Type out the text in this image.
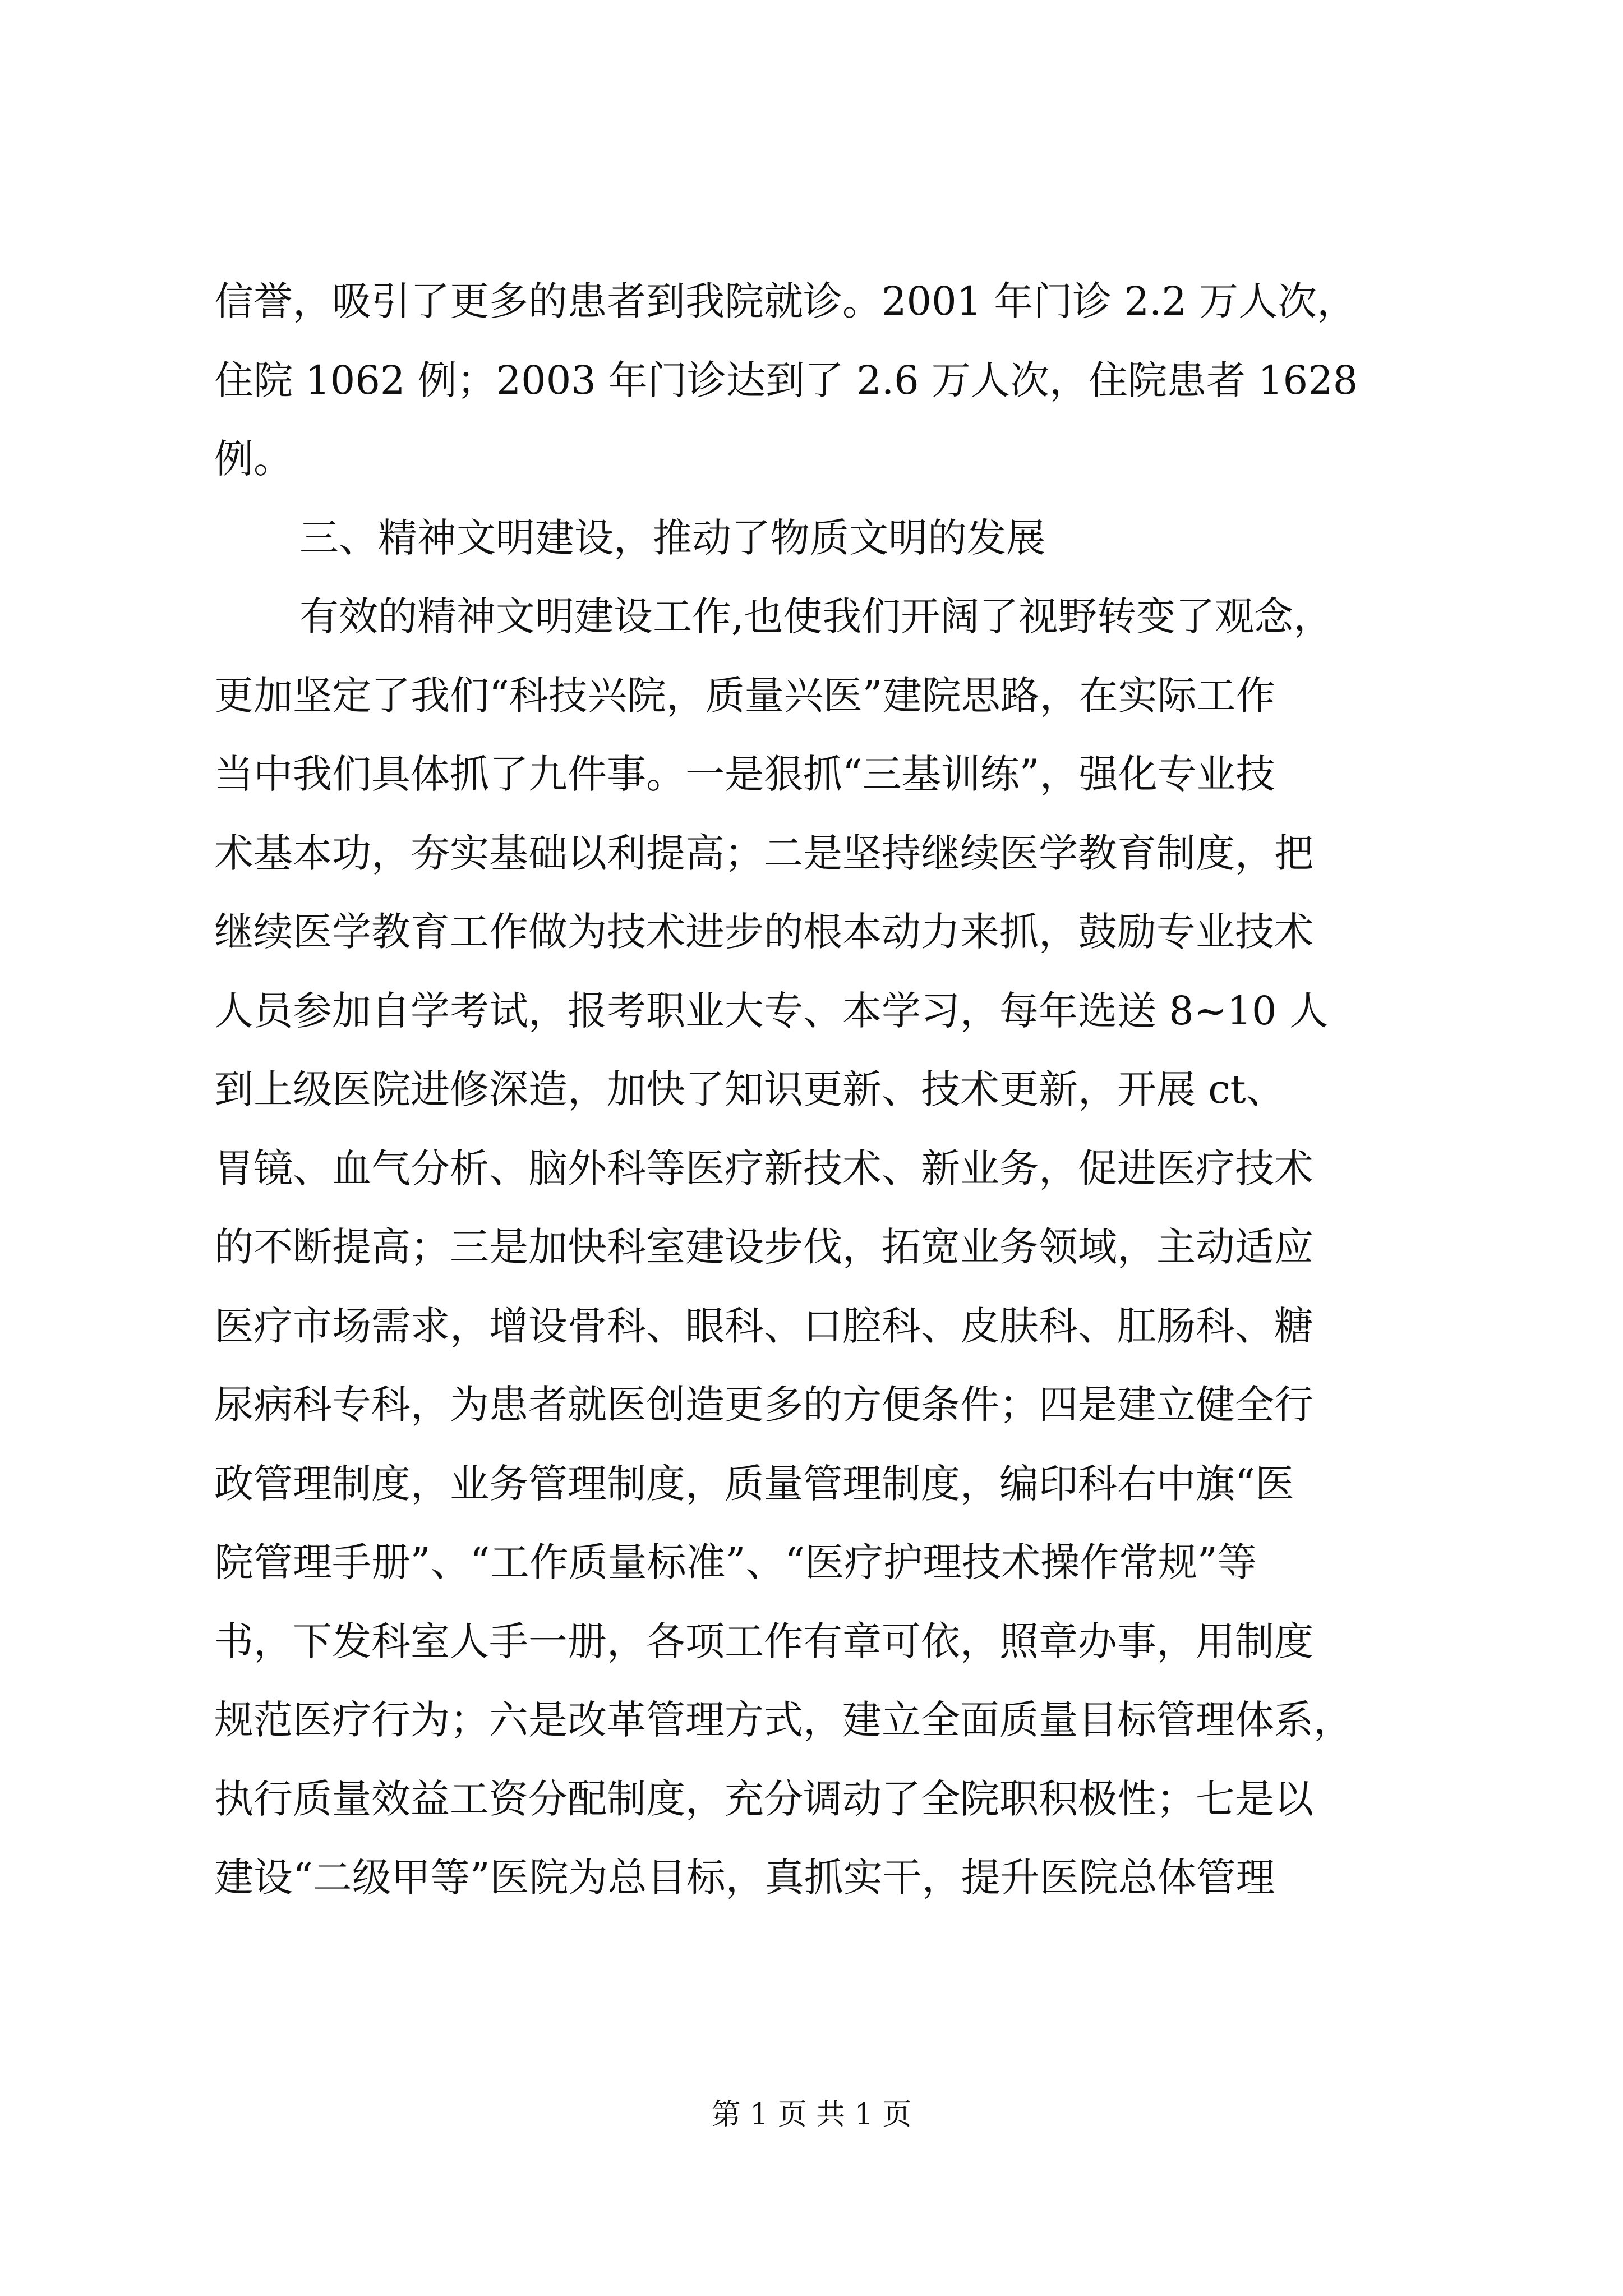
信誉，吸引了更多的患者到我院就诊。2001 年门诊 2.2 万人次，
住院 1062 例；2003 年门诊达到了 2.6 万人次，住院患者 1628
例。
三、精神文明建设，推动了物质文明的发展
有效的精神文明建设工作,也使我们开阔了视野转变了观念，
更加坚定了我们“科技兴院，质量兴医”建院思路，在实际工作
当中我们具体抓了九件事。一是狠抓“三基训练”，强化专业技
术基本功，夯实基础以利提高；二是坚持继续医学教育制度，把
继续医学教育工作做为技术进步的根本动力来抓，鼓励专业技术
人员参加自学考试，报考职业大专、本学习，每年选送 8~10 人
到上级医院进修深造，加快了知识更新、技术更新，开展 ct、
胃镜、血气分析、脑外科等医疗新技术、新业务，促进医疗技术
的不断提高；三是加快科室建设步伐，拓宽业务领域，主动适应
医疗市场需求，增设骨科、眼科、口腔科、皮肤科、肛肠科、糖
尿病科专科，为患者就医创造更多的方便条件；四是建立健全行
政管理制度，业务管理制度，质量管理制度，编印科右中旗“医
院管理手册”、“工作质量标准”、“医疗护理技术操作常规”等
书，下发科室人手一册，各项工作有章可依，照章办事，用制度
规范医疗行为；六是改革管理方式，建立全面质量目标管理体系，
执行质量效益工资分配制度，充分调动了全院职积极性；七是以
建设“二级甲等”医院为总目标，真抓实干，提升医院总体管理
第 1 页 共 1 页
